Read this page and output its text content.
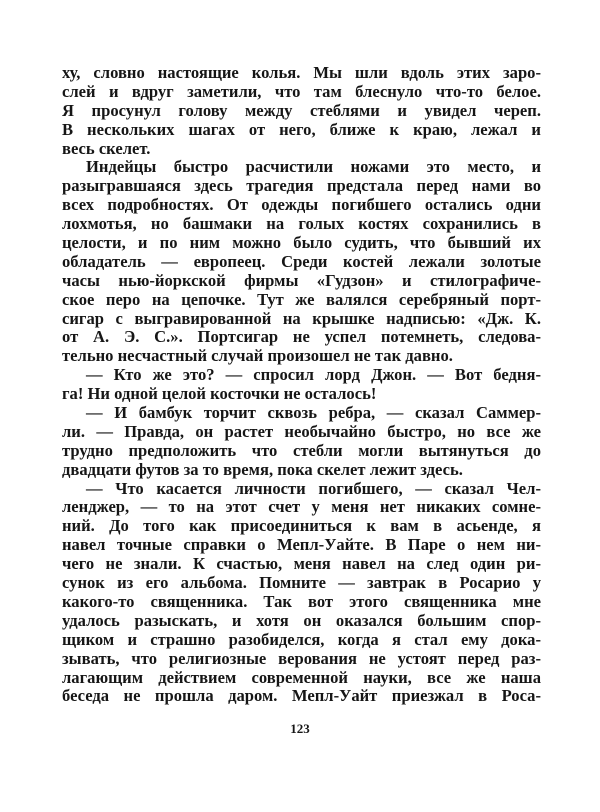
ху, словно настоящие колья. Мы шли вдоль этих заро-
слей и вдруг заметили, что там блеснуло что-то белое.
Я просунул голову между стеблями и увидел череп.
В нескольких шагах от него, ближе к краю, лежал и
весь скелет.
Индейцы быстро расчистили ножами это место, и
разыгравшаяся здесь трагедия предстала перед нами во
всех подробностях. От одежды погибшего остались одни
лохмотья, но башмаки на голых костях сохранились в
целости, и по ним можно было судить, что бывший их
обладатель — европеец. Среди костей лежали золотые
часы нью-йоркской фирмы «Гудзон» и стилографиче-
ское перо на цепочке. Тут же валялся серебряный порт-
сигар с выгравированной на крышке надписью: «Дж. К.
от А. Э. С.». Портсигар не успел потемнеть, следова-
тельно несчастный случай произошел не так давно.
— Кто же это? — спросил лорд Джон. — Вот бедня-
га! Ни одной целой косточки не осталось!
— И бамбук торчит сквозь ребра, — сказал Саммер-
ли. — Правда, он растет необычайно быстро, но все же
трудно предположить что стебли могли вытянуться до
двадцати футов за то время, пока скелет лежит здесь.
— Что касается личности погибшего, — сказал Чел-
ленджер, — то на этот счет у меня нет никаких сомне-
ний. До того как присоединиться к вам в асьенде, я
навел точные справки о Мепл-Уайте. В Паре о нем ни-
чего не знали. К счастью, меня навел на след один ри-
сунок из его альбома. Помните — завтрак в Росарио у
какого-то священника. Так вот этого священника мне
удалось разыскать, и хотя он оказался большим спор-
щиком и страшно разобиделся, когда я стал ему дока-
зывать, что религиозные верования не устоят перед раз-
лагающим действием современной науки, все же наша
беседа не прошла даром. Мепл-Уайт приезжал в Роса-
123
